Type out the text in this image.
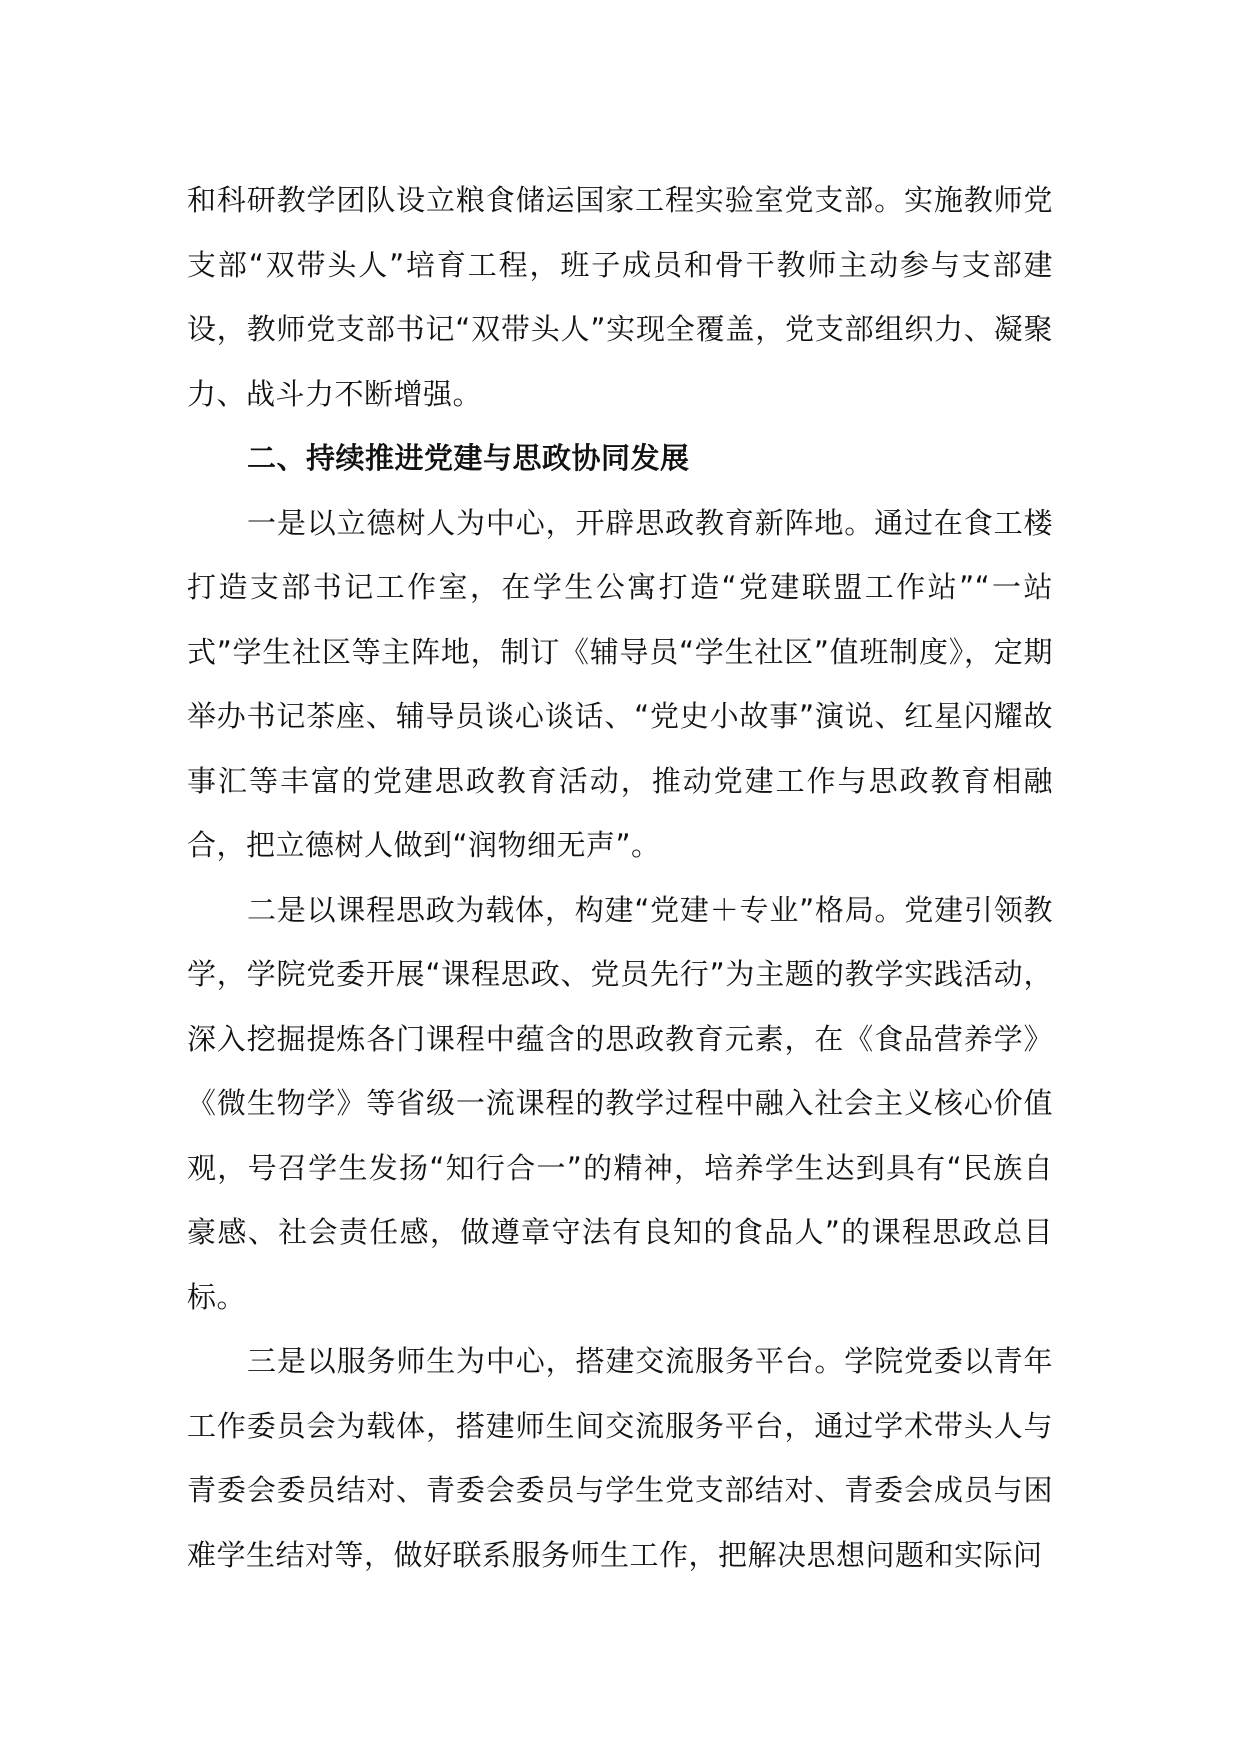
和科研教学团队设立粮食储运国家工程实验室党支部。实施教师党支部“双带头人”培育工程，班子成员和骨干教师主动参与支部建设，教师党支部书记“双带头人”实现全覆盖，党支部组织力、凝聚力、战斗力不断增强。

二、持续推进党建与思政协同发展

一是以立德树人为中心，开辟思政教育新阵地。通过在食工楼打造支部书记工作室，在学生公寓打造“党建联盟工作站”“一站式”学生社区等主阵地，制订《辅导员“学生社区”值班制度》，定期举办书记茶座、辅导员谈心谈话、“党史小故事”演说、红星闪耀故事汇等丰富的党建思政教育活动，推动党建工作与思政教育相融合，把立德树人做到“润物细无声”。

二是以课程思政为载体，构建“党建＋专业”格局。党建引领教学，学院党委开展“课程思政、党员先行”为主题的教学实践活动，深入挖掘提炼各门课程中蕴含的思政教育元素，在《食品营养学》《微生物学》等省级一流课程的教学过程中融入社会主义核心价值观，号召学生发扬“知行合一”的精神，培养学生达到具有“民族自豪感、社会责任感，做遵章守法有良知的食品人”的课程思政总目标。

三是以服务师生为中心，搭建交流服务平台。学院党委以青年工作委员会为载体，搭建师生间交流服务平台，通过学术带头人与青委会委员结对、青委会委员与学生党支部结对、青委会成员与困难学生结对等，做好联系服务师生工作，把解决思想问题和实际问
